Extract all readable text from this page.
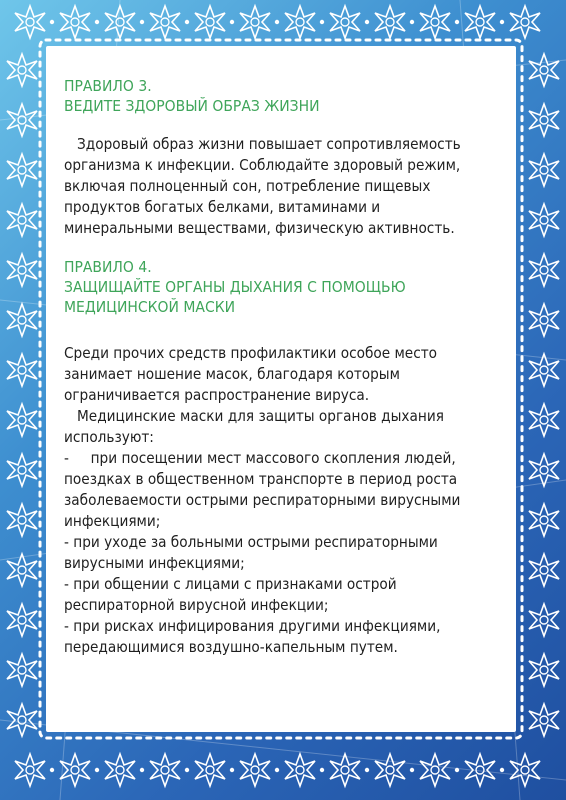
ПРАВИЛО 3.
ВЕДИТЕ ЗДОРОВЫЙ ОБРАЗ ЖИЗНИ

Здоровый образ жизни повышает сопротивляемость
организма к инфекции. Соблюдайте здоровый режим,
включая полноценный сон, потребление пищевых
продуктов богатых белками, витаминами и
минеральными веществами, физическую активность.

ПРАВИЛО 4.
ЗАЩИЩАЙТЕ ОРГАНЫ ДЫХАНИЯ С ПОМОЩЬЮ
МЕДИЦИНСКОЙ МАСКИ

Среди прочих средств профилактики особое место
занимает ношение масок, благодаря которым
ограничивается распространение вируса.
Медицинские маски для защиты органов дыхания
используют:
-     при посещении мест массового скопления людей,
поездках в общественном транспорте в период роста
заболеваемости острыми респираторными вирусными
инфекциями;
- при уходе за больными острыми респираторными
вирусными инфекциями;
- при общении с лицами с признаками острой
респираторной вирусной инфекции;
- при рисках инфицирования другими инфекциями,
передающимися воздушно-капельным путем.
